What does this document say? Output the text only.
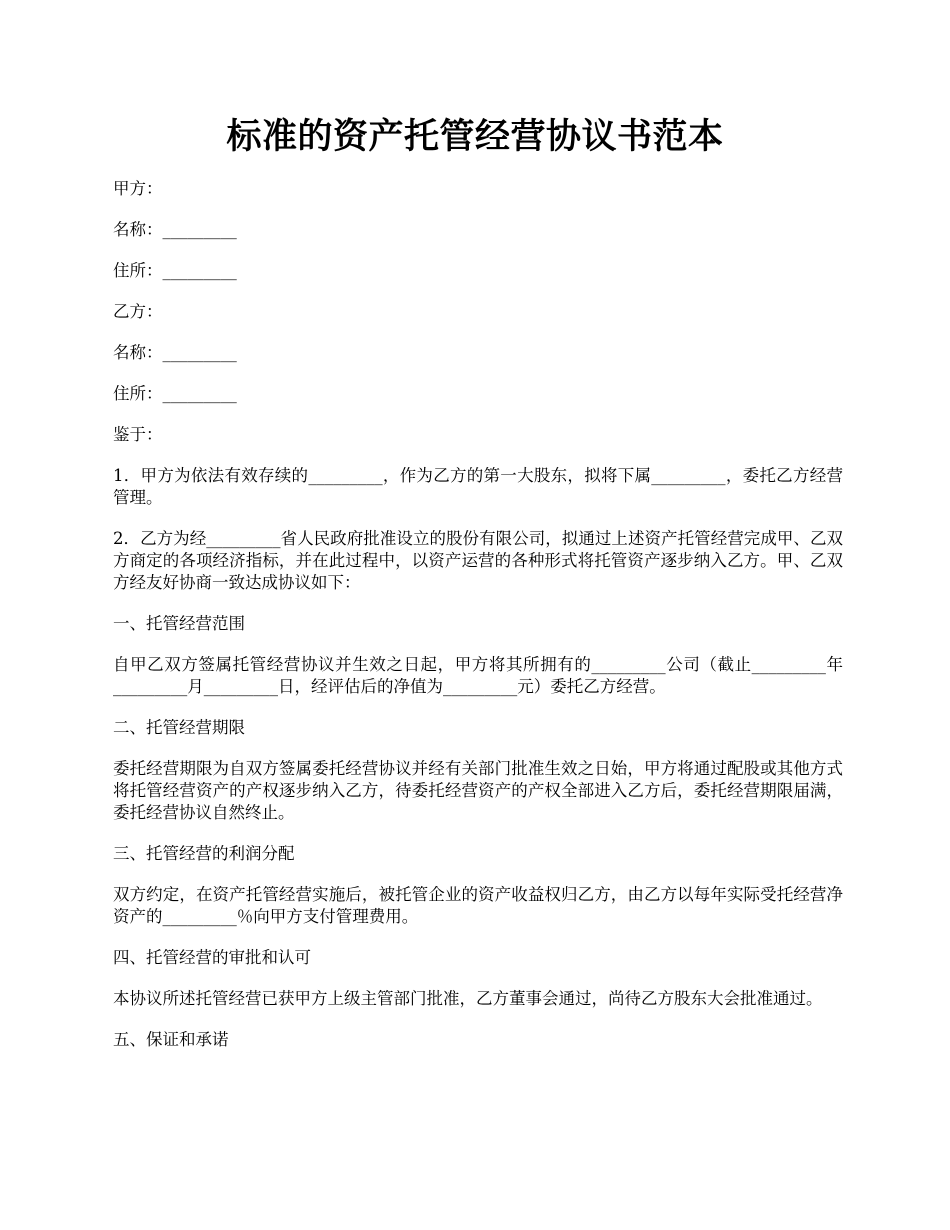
标准的资产托管经营协议书范本

甲方：

名称：_________

住所：_________

乙方：

名称：_________

住所：_________

鉴于：

1．甲方为依法有效存续的_________，作为乙方的第一大股东，拟将下属_________，委托乙方经营管理。

2．乙方为经_________省人民政府批准设立的股份有限公司，拟通过上述资产托管经营完成甲、乙双方商定的各项经济指标，并在此过程中，以资产运营的各种形式将托管资产逐步纳入乙方。甲、乙双方经友好协商一致达成协议如下：

一、托管经营范围

自甲乙双方签属托管经营协议并生效之日起，甲方将其所拥有的_________公司（截止_________年_________月_________日，经评估后的净值为_________元）委托乙方经营。

二、托管经营期限

委托经营期限为自双方签属委托经营协议并经有关部门批准生效之日始，甲方将通过配股或其他方式将托管经营资产的产权逐步纳入乙方，待委托经营资产的产权全部进入乙方后，委托经营期限届满，委托经营协议自然终止。

三、托管经营的利润分配

双方约定，在资产托管经营实施后，被托管企业的资产收益权归乙方，由乙方以每年实际受托经营净资产的_________％向甲方支付管理费用。

四、托管经营的审批和认可

本协议所述托管经营已获甲方上级主管部门批准，乙方董事会通过，尚待乙方股东大会批准通过。

五、保证和承诺
